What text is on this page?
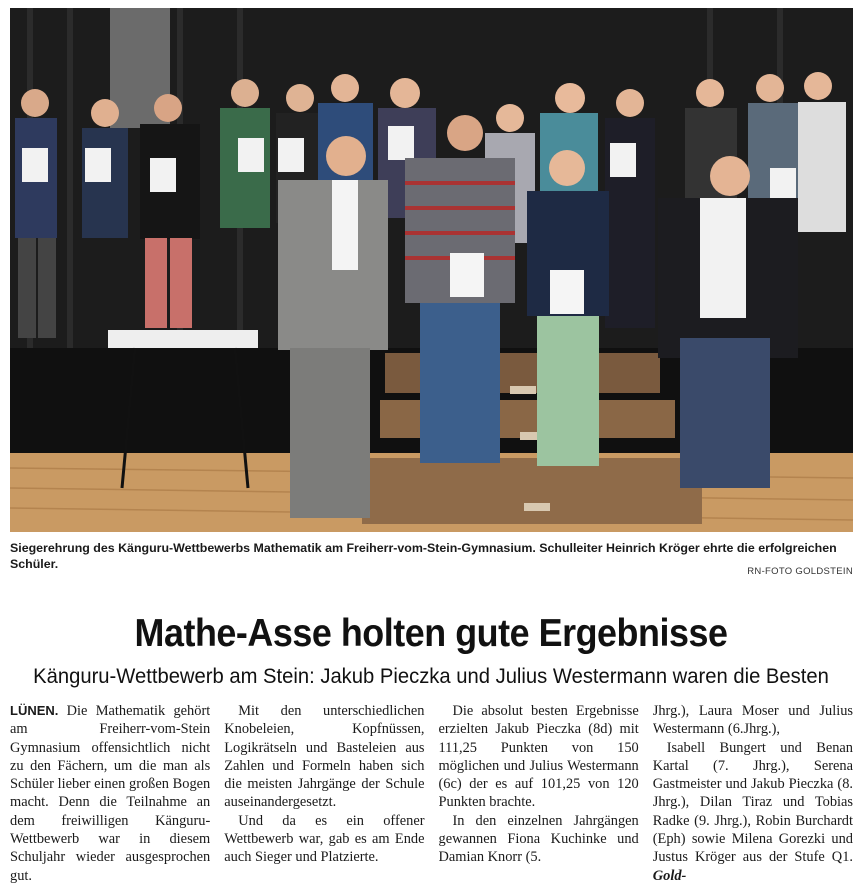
Siegerehrung des Känguru-Wettbewerbs Mathematik am Freiherr-vom-Stein-Gymnasium. Schulleiter Heinrich Kröger ehrte die erfolgreichen Schüler.
RN-FOTO GOLDSTEIN
Mathe-Asse holten gute Ergebnisse
Känguru-Wettbewerb am Stein: Jakub Pieczka und Julius Westermann waren die Besten

LÜNEN. Die Mathematik gehört am Freiherr-vom-Stein Gymnasium offensichtlich nicht zu den Fächern, um die man als Schüler lieber einen großen Bogen macht. Denn die Teilnahme an dem freiwilligen Känguru-Wettbewerb war in diesem Schuljahr wieder ausgesprochen gut.

Mit den unterschiedlichen Knobeleien, Kopfnüssen, Logikrätseln und Basteleien aus Zahlen und Formeln haben sich die meisten Jahrgänge der Schule auseinandergesetzt.

Und da es ein offener Wettbewerb war, gab es am Ende auch Sieger und Platzierte.

Die absolut besten Ergebnisse erzielten Jakub Pieczka (8d) mit 111,25 Punkten von 150 möglichen und Julius Westermann (6c) der es auf 101,25 von 120 Punkten brachte.

In den einzelnen Jahrgängen gewannen Fiona Kuchinke und Damian Knorr (5.

Jhrg.), Laura Moser und Julius Westermann (6.Jhrg.),

Isabell Bungert und Benan Kartal (7. Jhrg.), Serena Gastmeister und Jakub Pieczka (8. Jhrg.), Dilan Tiraz und Tobias Radke (9. Jhrg.), Robin Burchardt (Eph) sowie Milena Gorezki und Justus Kröger aus der Stufe Q1. Gold-
